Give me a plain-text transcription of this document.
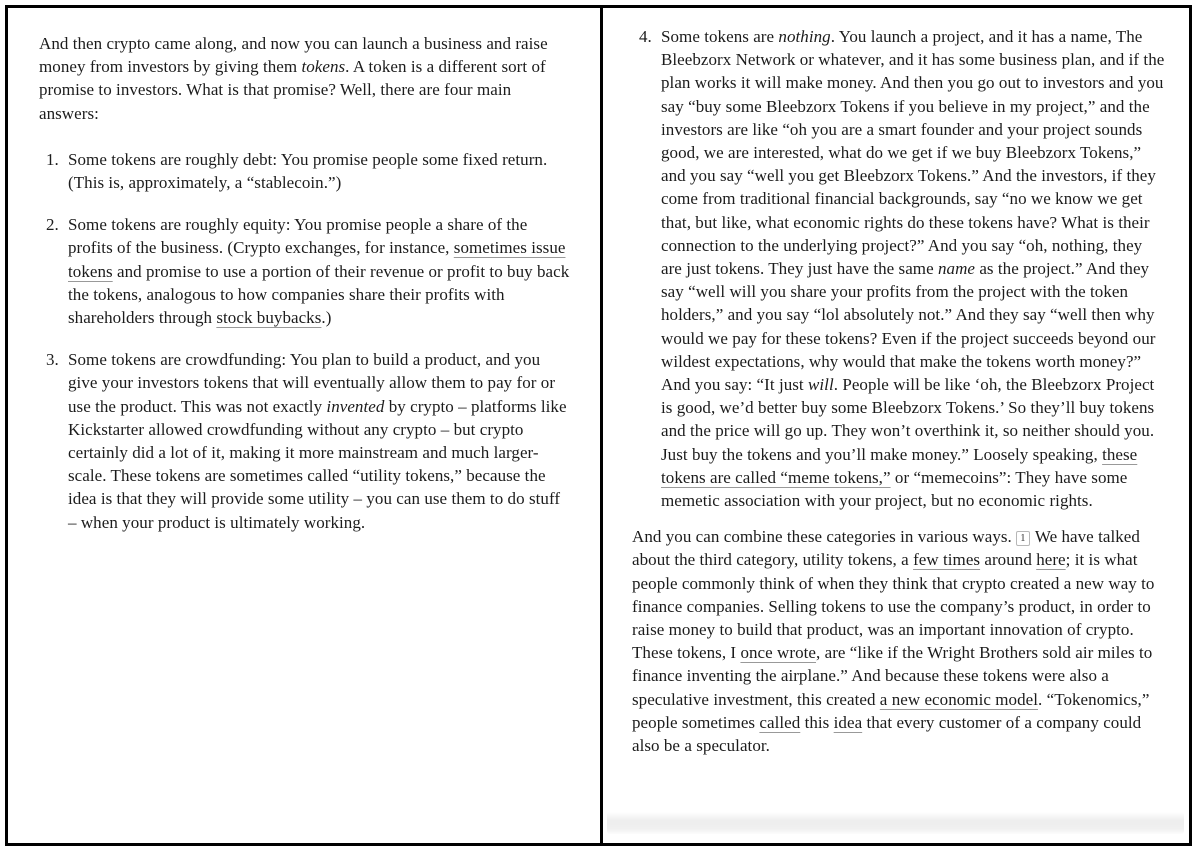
And then crypto came along, and now you can launch a business and raise money from investors by giving them tokens. A token is a different sort of promise to investors. What is that promise? Well, there are four main answers:

1. Some tokens are roughly debt: You promise people some fixed return. (This is, approximately, a “stablecoin.”)
2. Some tokens are roughly equity: You promise people a share of the profits of the business. (Crypto exchanges, for instance, sometimes issue tokens and promise to use a portion of their revenue or profit to buy back the tokens, analogous to how companies share their profits with shareholders through stock buybacks.)
3. Some tokens are crowdfunding: You plan to build a product, and you give your investors tokens that will eventually allow them to pay for or use the product. This was not exactly invented by crypto – platforms like Kickstarter allowed crowdfunding without any crypto – but crypto certainly did a lot of it, making it more mainstream and much larger-scale. These tokens are sometimes called “utility tokens,” because the idea is that they will provide some utility – you can use them to do stuff – when your product is ultimately working.
4. Some tokens are nothing. You launch a project, and it has a name, The Bleebzorx Network or whatever, and it has some business plan, and if the plan works it will make money. And then you go out to investors and you say “buy some Bleebzorx Tokens if you believe in my project,” and the investors are like “oh you are a smart founder and your project sounds good, we are interested, what do we get if we buy Bleebzorx Tokens,” and you say “well you get Bleebzorx Tokens.” And the investors, if they come from traditional financial backgrounds, say “no we know we get that, but like, what economic rights do these tokens have? What is their connection to the underlying project?” And you say “oh, nothing, they are just tokens. They just have the same name as the project.” And they say “well will you share your profits from the project with the token holders,” and you say “lol absolutely not.” And they say “well then why would we pay for these tokens? Even if the project succeeds beyond our wildest expectations, why would that make the tokens worth money?” And you say: “It just will. People will be like ‘oh, the Bleebzorx Project is good, we’d better buy some Bleebzorx Tokens.’ So they’ll buy tokens and the price will go up. They won’t overthink it, so neither should you. Just buy the tokens and you’ll make money.” Loosely speaking, these tokens are called “meme tokens,” or “memecoins”: They have some memetic association with your project, but no economic rights.

And you can combine these categories in various ways. 1 We have talked about the third category, utility tokens, a few times around here; it is what people commonly think of when they think that crypto created a new way to finance companies. Selling tokens to use the company’s product, in order to raise money to build that product, was an important innovation of crypto. These tokens, I once wrote, are “like if the Wright Brothers sold air miles to finance inventing the airplane.” And because these tokens were also a speculative investment, this created a new economic model. “Tokenomics,” people sometimes called this idea that every customer of a company could also be a speculator.
